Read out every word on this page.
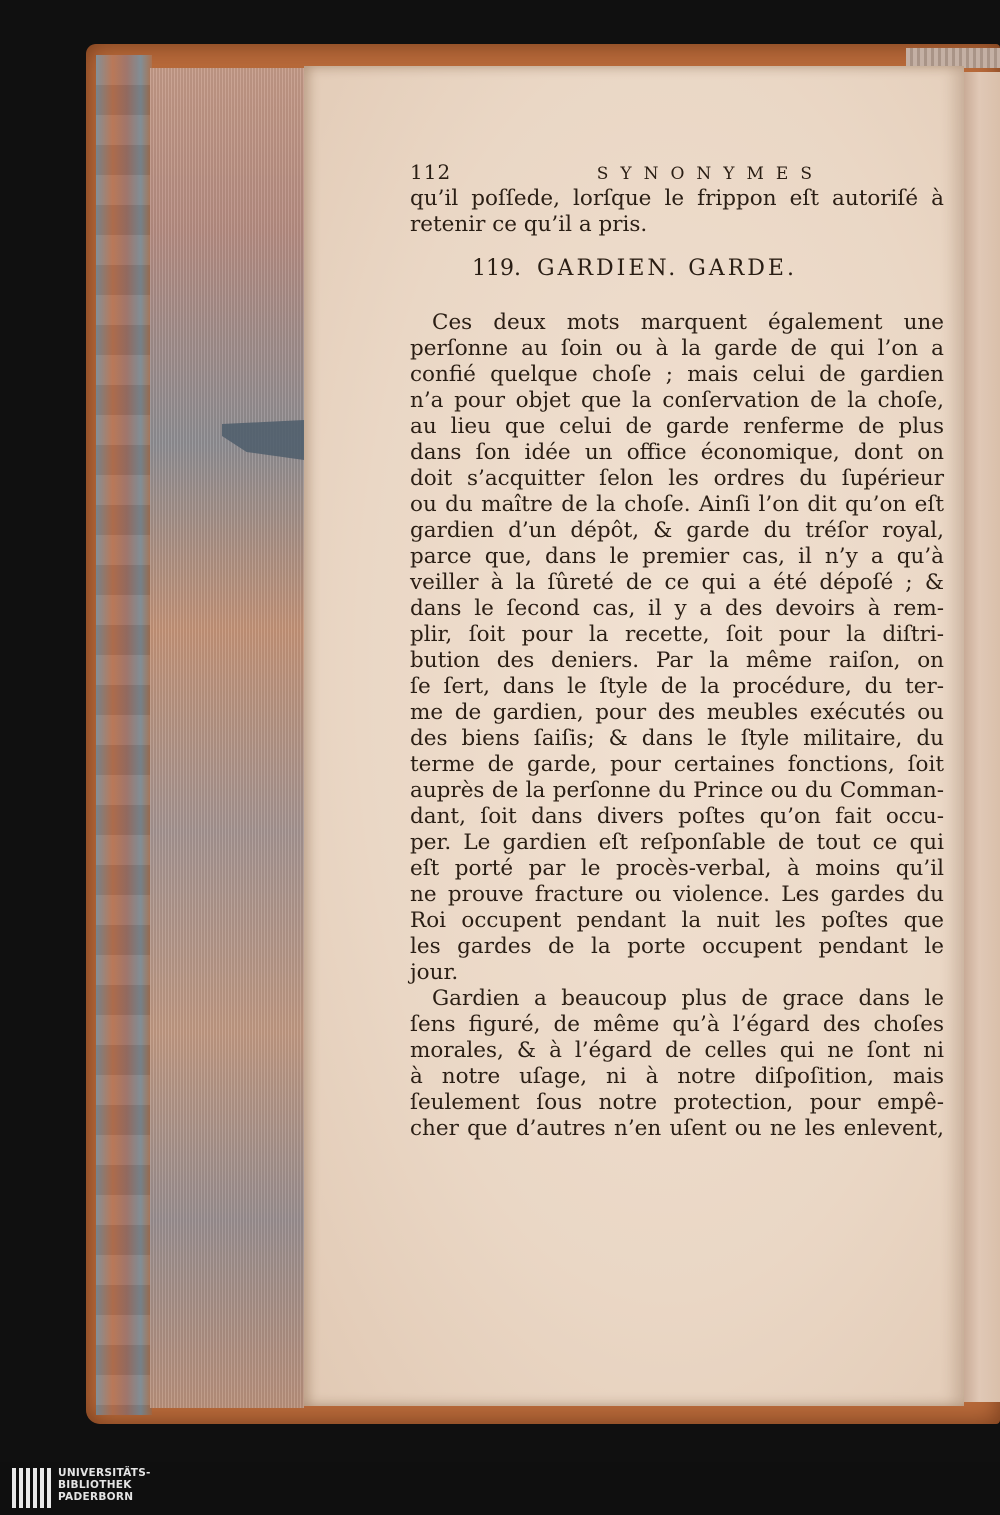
112	SYNONYMES
qu’il poſſede, lorſque le frippon eſt autoriſé à
retenir ce qu’il a pris.
119. GARDIEN. GARDE.
Ces deux mots marquent également une
perſonne au ſoin ou à la garde de qui l’on a
confié quelque choſe ; mais celui de gardien
n’a pour objet que la conſervation de la choſe,
au lieu que celui de garde renferme de plus
dans ſon idée un office économique, dont on
doit s’acquitter ſelon les ordres du ſupérieur
ou du maître de la choſe. Ainſi l’on dit qu’on eſt
gardien d’un dépôt, & garde du tréſor royal,
parce que, dans le premier cas, il n’y a qu’à
veiller à la ſûreté de ce qui a été dépoſé ; &
dans le ſecond cas, il y a des devoirs à rem-
plir, ſoit pour la recette, ſoit pour la diſtri-
bution des deniers. Par la même raiſon, on
ſe ſert, dans le ſtyle de la procédure, du ter-
me de gardien, pour des meubles exécutés ou
des biens ſaiſis; & dans le ſtyle militaire, du
terme de garde, pour certaines fonctions, ſoit
auprès de la perſonne du Prince ou du Comman-
dant, ſoit dans divers poſtes qu’on fait occu-
per. Le gardien eſt reſponſable de tout ce qui
eſt porté par le procès-verbal, à moins qu’il
ne prouve fracture ou violence. Les gardes du
Roi occupent pendant la nuit les poſtes que
les gardes de la porte occupent pendant le
jour.
Gardien a beaucoup plus de grace dans le
ſens figuré, de même qu’à l’égard des choſes
morales, & à l’égard de celles qui ne ſont ni
à notre uſage, ni à notre diſpoſition, mais
ſeulement ſous notre protection, pour empê-
cher que d’autres n’en uſent ou ne les enlevent,
UNIVERSITÄTS-
BIBLIOTHEK
PADERBORN
